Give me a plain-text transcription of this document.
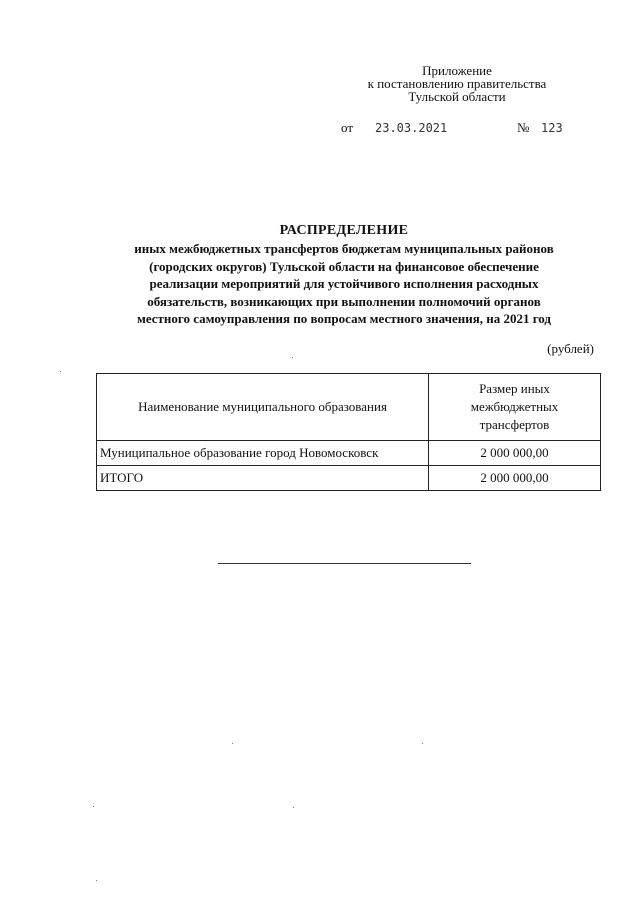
Приложение
к постановлению правительства
Тульской области
от 23.03.2021	№ 123
РАСПРЕДЕЛЕНИЕ
иных межбюджетных трансфертов бюджетам муниципальных районов
(городских округов) Тульской области на финансовое обеспечение
реализации мероприятий для устойчивого исполнения расходных
обязательств, возникающих при выполнении полномочий органов
местного самоуправления по вопросам местного значения, на 2021 год
(рублей)
Наименование муниципального образования	Размер иных
межбюджетных
трансфертов

Муниципальное образование город Новомосковск	2 000 000,00
ИТОГО	2 000 000,00
